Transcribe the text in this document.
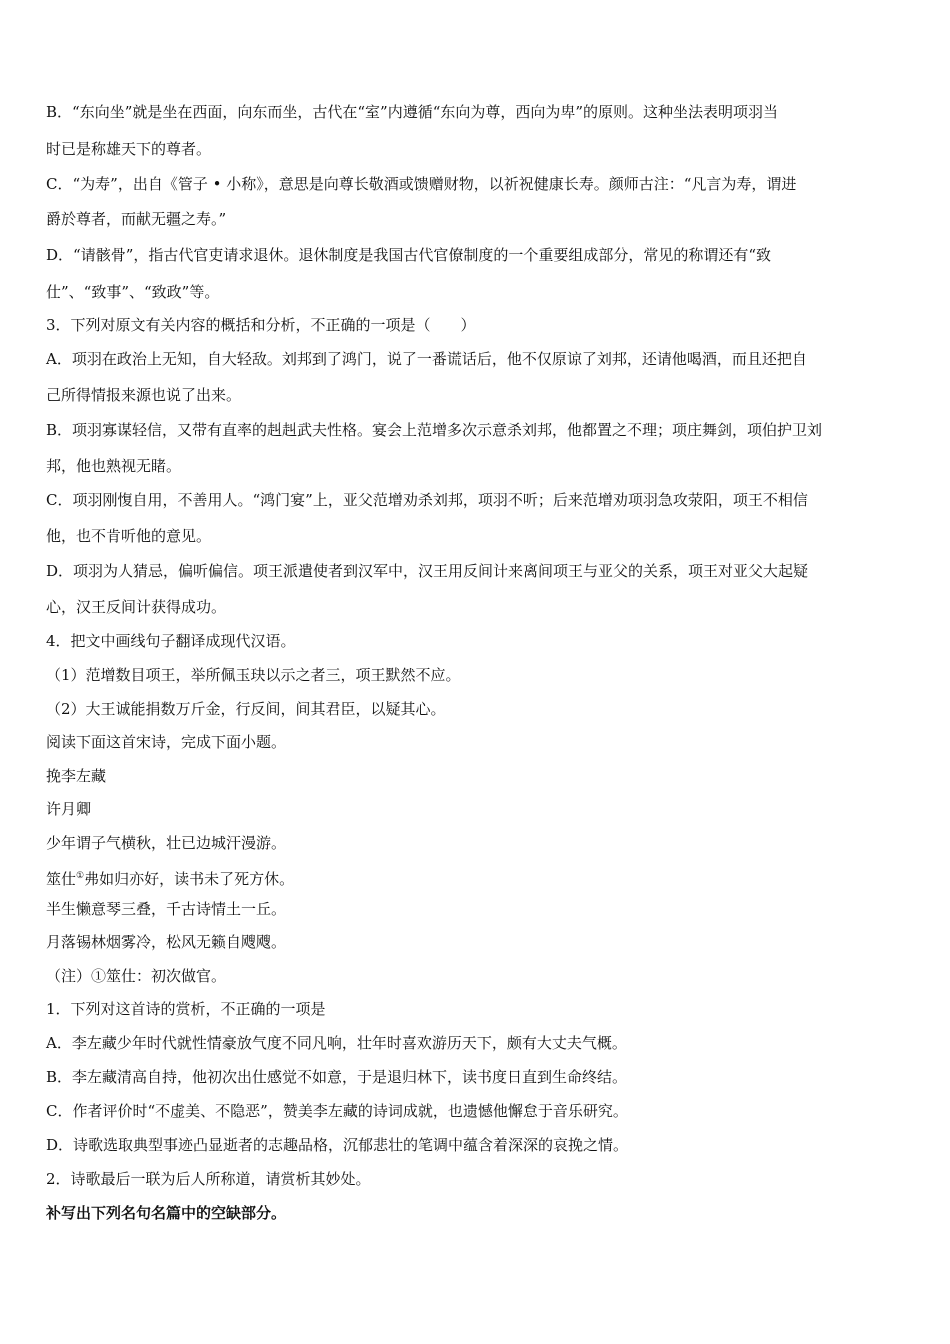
B．“东向坐”就是坐在西面，向东而坐，古代在“室”内遵循“东向为尊，西向为卑”的原则。这种坐法表明项羽当
时已是称雄天下的尊者。
C．“为寿”，出自《管子 • 小称》，意思是向尊长敬酒或馈赠财物，以祈祝健康长寿。颜师古注：“凡言为寿，谓进
爵於尊者，而献无疆之寿。”
D．“请骸骨”，指古代官吏请求退休。退休制度是我国古代官僚制度的一个重要组成部分，常见的称谓还有“致
仕”、“致事”、“致政”等。
3．下列对原文有关内容的概括和分析，不正确的一项是（　　）
A．项羽在政治上无知，自大轻敌。刘邦到了鸿门，说了一番谎话后，他不仅原谅了刘邦，还请他喝酒，而且还把自
己所得情报来源也说了出来。
B．项羽寡谋轻信，又带有直率的赳赳武夫性格。宴会上范增多次示意杀刘邦，他都置之不理；项庄舞剑，项伯护卫刘
邦，他也熟视无睹。
C．项羽刚愎自用，不善用人。“鸿门宴”上，亚父范增劝杀刘邦，项羽不听；后来范增劝项羽急攻荥阳，项王不相信
他，也不肯听他的意见。
D．项羽为人猜忌，偏听偏信。项王派遣使者到汉军中，汉王用反间计来离间项王与亚父的关系，项王对亚父大起疑
心，汉王反间计获得成功。
4．把文中画线句子翻译成现代汉语。
（1）范增数目项王，举所佩玉玦以示之者三，项王默然不应。
（2）大王诚能捐数万斤金，行反间，间其君臣，以疑其心。
阅读下面这首宋诗，完成下面小题。
挽李左藏
许月卿
少年谓子气横秋，壮已边城汗漫游。
筮仕①弗如归亦好，读书未了死方休。
半生懒意琴三叠，千古诗情土一丘。
月落锡林烟雾冷，松风无籁自飕飕。
（注）①筮仕：初次做官。
1．下列对这首诗的赏析，不正确的一项是
A．李左藏少年时代就性情豪放气度不同凡响，壮年时喜欢游历天下，颇有大丈夫气概。
B．李左藏清高自持，他初次出仕感觉不如意，于是退归林下，读书度日直到生命终结。
C．作者评价时“不虚美、不隐恶”，赞美李左藏的诗词成就，也遗憾他懈怠于音乐研究。
D．诗歌选取典型事迹凸显逝者的志趣品格，沉郁悲壮的笔调中蕴含着深深的哀挽之情。
2．诗歌最后一联为后人所称道，请赏析其妙处。
补写出下列名句名篇中的空缺部分。
